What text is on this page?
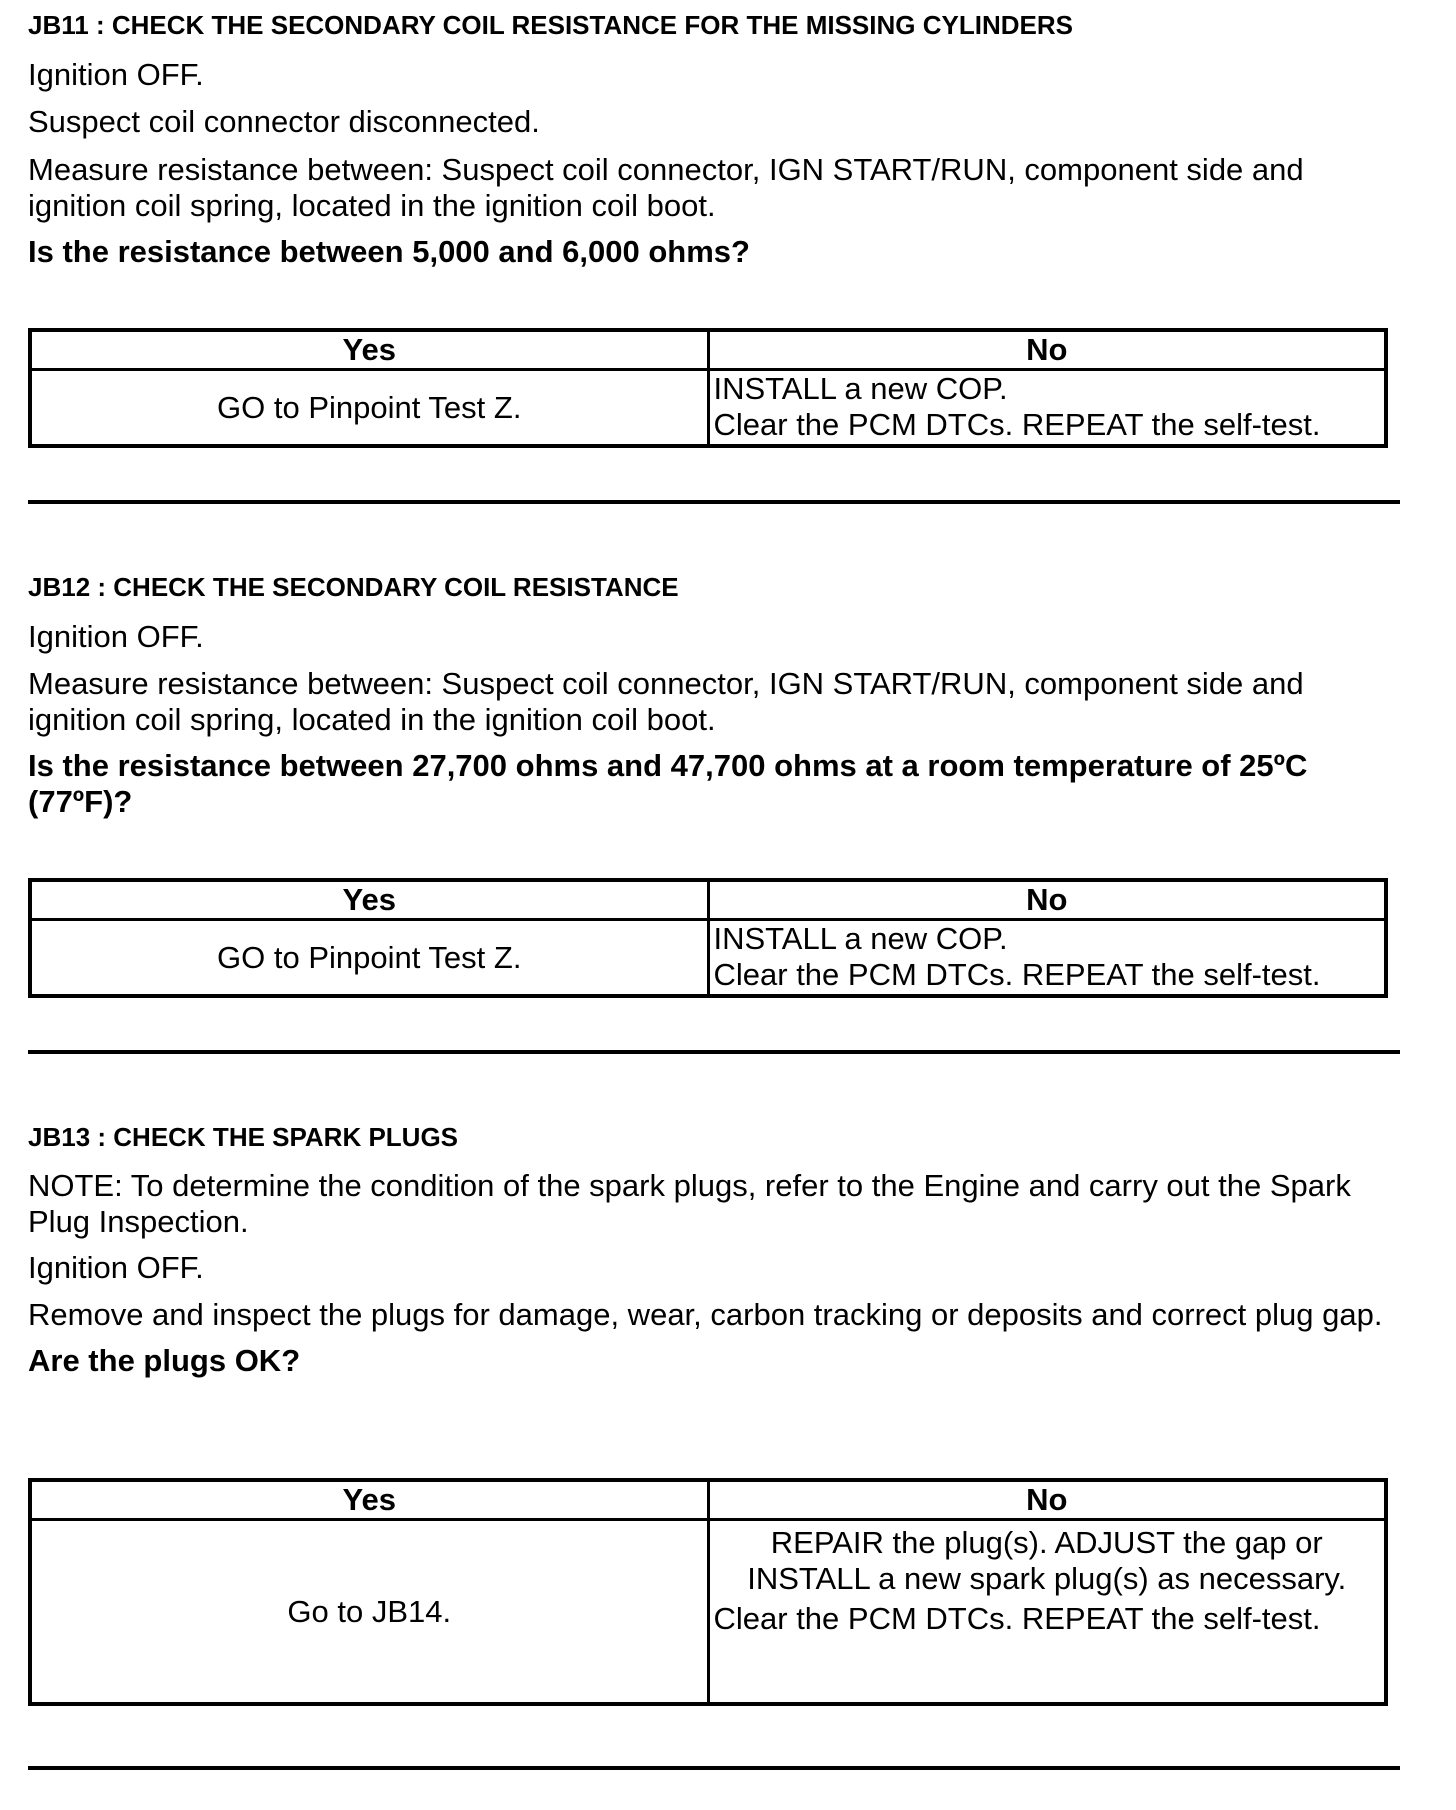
JB11 : CHECK THE SECONDARY COIL RESISTANCE FOR THE MISSING CYLINDERS

Ignition OFF.

Suspect coil connector disconnected.

Measure resistance between: Suspect coil connector, IGN START/RUN, component side and ignition coil spring, located in the ignition coil boot.

Is the resistance between 5,000 and 6,000 ohms?

Yes	No
GO to Pinpoint Test Z.	INSTALL a new COP.
Clear the PCM DTCs. REPEAT the self-test.

JB12 : CHECK THE SECONDARY COIL RESISTANCE

Ignition OFF.

Measure resistance between: Suspect coil connector, IGN START/RUN, component side and ignition coil spring, located in the ignition coil boot.

Is the resistance between 27,700 ohms and 47,700 ohms at a room temperature of 25ºC (77ºF)?

Yes	No
GO to Pinpoint Test Z.	INSTALL a new COP.
Clear the PCM DTCs. REPEAT the self-test.

JB13 : CHECK THE SPARK PLUGS

NOTE: To determine the condition of the spark plugs, refer to the Engine and carry out the Spark Plug Inspection.

Ignition OFF.

Remove and inspect the plugs for damage, wear, carbon tracking or deposits and correct plug gap.

Are the plugs OK?

Yes	No
Go to JB14.	REPAIR the plug(s). ADJUST the gap or INSTALL a new spark plug(s) as necessary.
Clear the PCM DTCs. REPEAT the self-test.
